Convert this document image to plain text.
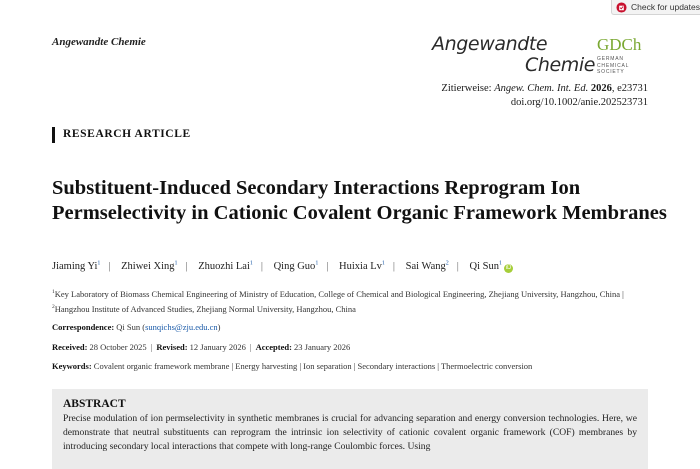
Check for updates
Angewandte Chemie	Angewandte
Chemie
GDCh
GERMAN CHEMICAL SOCIETY
Zitierweise: Angew. Chem. Int. Ed. 2026, e23731
doi.org/10.1002/anie.202523731
RESEARCH ARTICLE
Substituent-Induced Secondary Interactions Reprogram Ion Permselectivity in Cationic Covalent Organic Framework Membranes
Jiaming Yi$^1$ | Zhiwei Xing$^1$ | Zhuozhi Lai$^1$ | Qing Guo$^1$ | Huixia Lv$^1$ | Sai Wang$^2$ | Qi Sun$^1$iD
$^1$Key Laboratory of Biomass Chemical Engineering of Ministry of Education, College of Chemical and Biological Engineering, Zhejiang University, Hangzhou, China | $^2$Hangzhou Institute of Advanced Studies, Zhejiang Normal University, Hangzhou, China
Correspondence: Qi Sun (sunqichs@zju.edu.cn)
Received: 28 October 2025 | Revised: 12 January 2026 | Accepted: 23 January 2026
Keywords: Covalent organic framework membrane | Energy harvesting | Ion separation | Secondary interactions | Thermoelectric conversion
ABSTRACT
Precise modulation of ion permselectivity in synthetic membranes is crucial for advancing separation and energy conversion technologies. Here, we demonstrate that neutral substituents can reprogram the intrinsic ion selectivity of cationic covalent organic framework (COF) membranes by introducing secondary local interactions that compete with long-range Coulombic forces. Using
